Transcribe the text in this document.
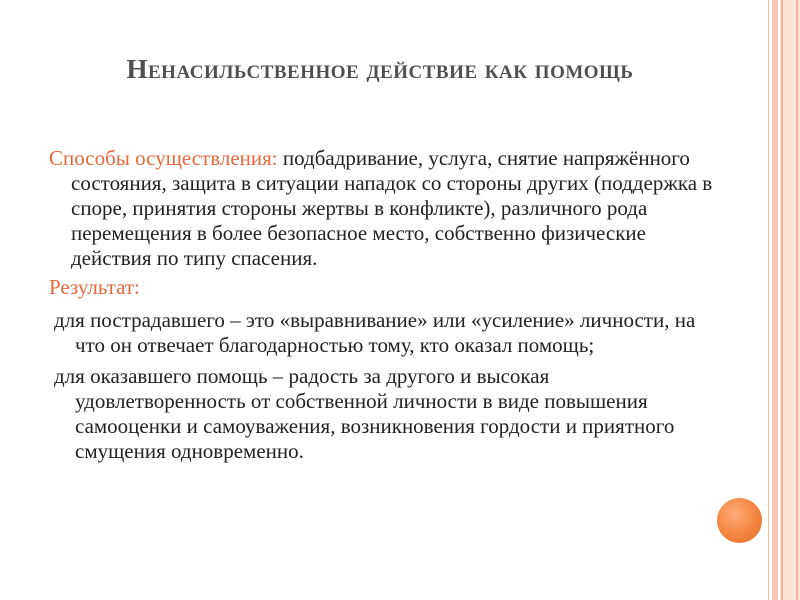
Ненасильственное действие как помощь

Способы осуществления: подбадривание, услуга, снятие напряжённого состояния, защита в ситуации нападок со стороны других (поддержка в споре, принятия стороны жертвы в конфликте), различного рода перемещения в более безопасное место, собственно физические действия по типу спасения.

Результат:

для пострадавшего – это «выравнивание» или «усиление» личности, на что он отвечает благодарностью тому, кто оказал помощь;

для оказавшего помощь – радость за другого и высокая удовлетворенность от собственной личности в виде повышения самооценки и самоуважения, возникновения гордости и приятного смущения одновременно.
